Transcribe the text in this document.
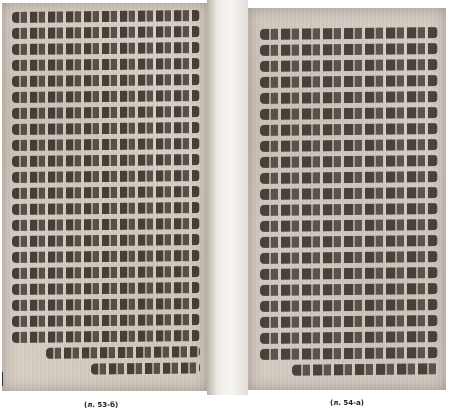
(л. 53-б)	(л. 54-а)
